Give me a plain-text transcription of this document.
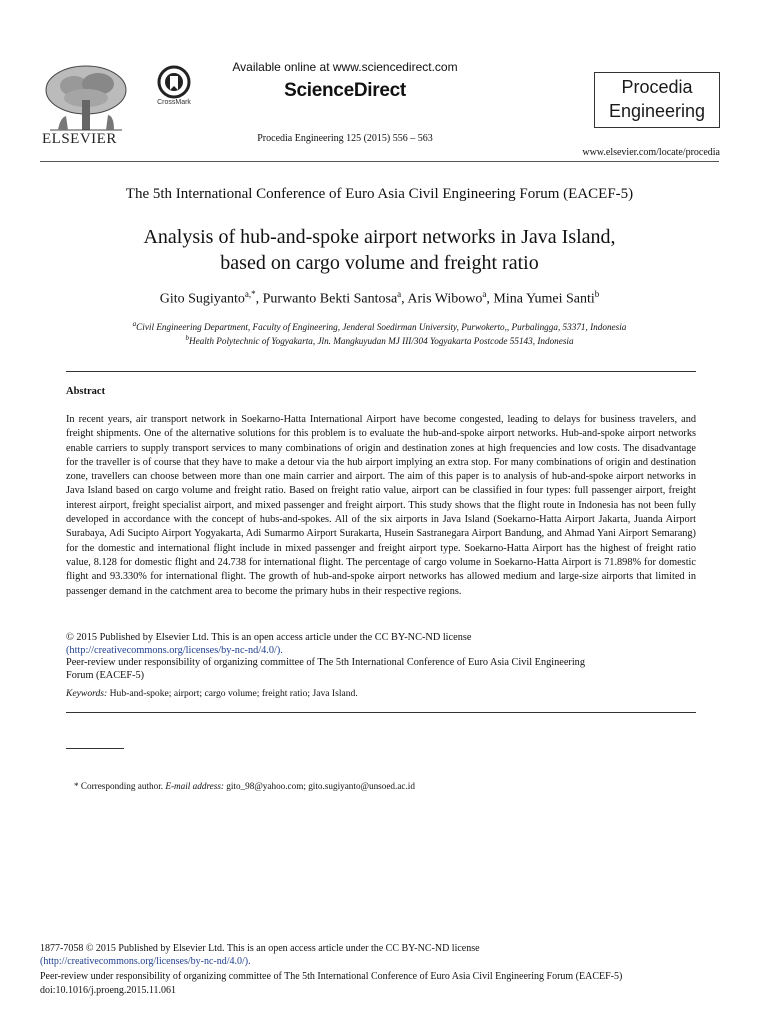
ELSEVIER
CrossMark
Available online at www.sciencedirect.com
ScienceDirect
Procedia Engineering 125 (2015) 556 – 563
Procedia
Engineering
www.elsevier.com/locate/procedia
The 5th International Conference of Euro Asia Civil Engineering Forum (EACEF-5)
Analysis of hub-and-spoke airport networks in Java Island,
based on cargo volume and freight ratio
Gito Sugiyanto$^{a,*}$, Purwanto Bekti Santosa$^a$, Aris Wibowo$^a$, Mina Yumei Santi$^b$
$^a$Civil Engineering Department, Faculty of Engineering, Jenderal Soedirman University, Purwokerto,, Purbalingga, 53371, Indonesia
$^b$Health Polytechnic of Yogyakarta, Jln. Mangkuyudan MJ III/304 Yogyakarta Postcode 55143, Indonesia
Abstract
In recent years, air transport network in Soekarno-Hatta International Airport have become congested, leading to delays for business travelers, and freight shipments. One of the alternative solutions for this problem is to evaluate the hub-and-spoke airport networks. Hub-and-spoke airport networks enable carriers to supply transport services to many combinations of origin and destination zones at high frequencies and low costs. The disadvantage for the traveller is of course that they have to make a detour via the hub airport implying an extra stop. For many combinations of origin and destination zone, travellers can choose between more than one main carrier and airport. The aim of this paper is to analysis of hub-and-spoke airport networks in Java Island based on cargo volume and freight ratio. Based on freight ratio value, airport can be classified in four types: full passenger airport, freight interest airport, freight specialist airport, and mixed passenger and freight airport. This study shows that the flight route in Indonesia has not been fully developed in accordance with the concept of hubs-and-spokes. All of the six airports in Java Island (Soekarno-Hatta Airport Jakarta, Juanda Airport Surabaya, Adi Sucipto Airport Yogyakarta, Adi Sumarmo Airport Surakarta, Husein Sastranegara Airport Bandung, and Ahmad Yani Airport Semarang) for the domestic and international flight include in mixed passenger and freight airport type. Soekarno-Hatta Airport has the highest of freight ratio value, 8.128 for domestic flight and 24.738 for international flight. The percentage of cargo volume in Soekarno-Hatta Airport is 71.898% for domestic flight and 93.330% for international flight. The growth of hub-and-spoke airport networks has allowed medium and large-size airports that limited in passenger demand in the catchment area to become the primary hubs in their respective regions.
© 2015 Published by Elsevier Ltd. This is an open access article under the CC BY-NC-ND license
(http://creativecommons.org/licenses/by-nc-nd/4.0/).
Peer-review under responsibility of organizing committee of The 5th International Conference of Euro Asia Civil Engineering
Forum (EACEF-5)
Keywords: Hub-and-spoke; airport; cargo volume; freight ratio; Java Island.
* Corresponding author. E-mail address: gito_98@yahoo.com; gito.sugiyanto@unsoed.ac.id
1877-7058 © 2015 Published by Elsevier Ltd. This is an open access article under the CC BY-NC-ND license
(http://creativecommons.org/licenses/by-nc-nd/4.0/).
Peer-review under responsibility of organizing committee of The 5th International Conference of Euro Asia Civil Engineering Forum (EACEF-5)
doi:10.1016/j.proeng.2015.11.061
